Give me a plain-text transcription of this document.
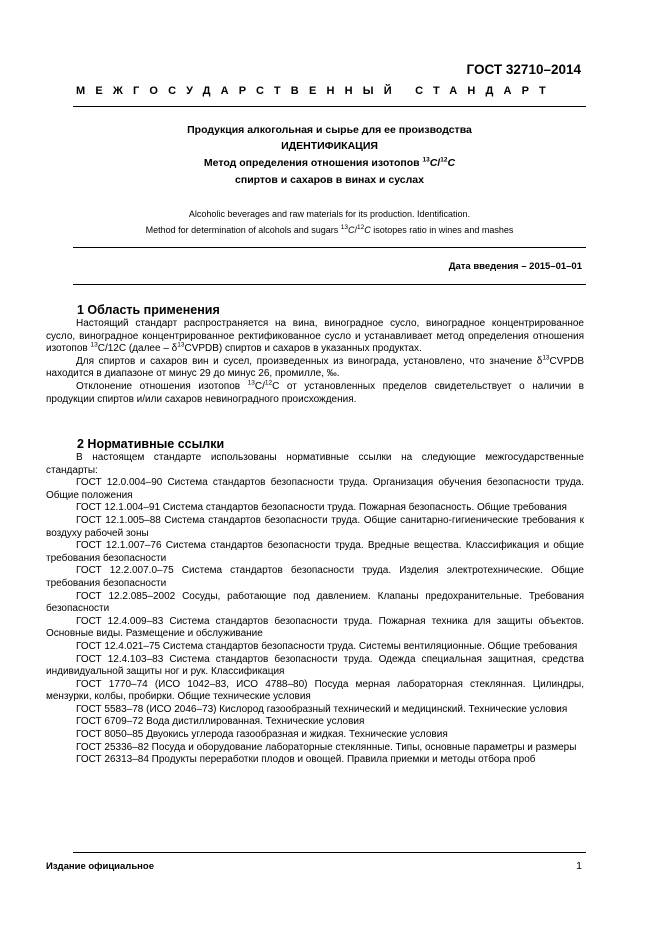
ГОСТ 32710–2014
МЕЖГОСУДАРСТВЕННЫЙ СТАНДАРТ
Продукция алкогольная и сырье для ее производства
ИДЕНТИФИКАЦИЯ
Метод определения отношения изотопов $^{13}$C/$^{12}$C
спиртов и сахаров в винах и суслах
Alcoholic beverages and raw materials for its production. Identification.
Method for determination of alcohols and sugars $^{13}$C/$^{12}$C isotopes ratio in wines and mashes
Дата введения – 2015–01–01
1 Область применения

Настоящий стандарт распространяется на вина, виноградное сусло, виноградное концентрированное сусло, виноградное концентрированное ректификованное сусло и устанавливает метод определения отношения изотопов $^{13}$C/12C (далее – $\delta^{13}CVPDB$) спиртов и сахаров в указанных продуктах.

Для спиртов и сахаров вин и сусел, произведенных из винограда, установлено, что значение $\delta^{13}CVPDB$ находится в диапазоне от минус 29 до минус 26, промилле, ‰.

Отклонение отношения изотопов $^{13}$C/$^{12}$C от установленных пределов свидетельствует о наличии в продукции спиртов и/или сахаров невиноградного происхождения.

2 Нормативные ссылки

В настоящем стандарте использованы нормативные ссылки на следующие межгосударственные стандарты:

ГОСТ 12.0.004–90 Система стандартов безопасности труда. Организация обучения безопасности труда. Общие положения

ГОСТ 12.1.004–91 Система стандартов безопасности труда. Пожарная безопасность. Общие требования

ГОСТ 12.1.005–88 Система стандартов безопасности труда. Общие санитарно-гигиенические требования к воздуху рабочей зоны

ГОСТ 12.1.007–76 Система стандартов безопасности труда. Вредные вещества. Классификация и общие требования безопасности

ГОСТ 12.2.007.0–75 Система стандартов безопасности труда. Изделия электротехнические. Общие требования безопасности

ГОСТ 12.2.085–2002 Сосуды, работающие под давлением. Клапаны предохранительные. Требования безопасности

ГОСТ 12.4.009–83 Система стандартов безопасности труда. Пожарная техника для защиты объектов. Основные виды. Размещение и обслуживание

ГОСТ 12.4.021–75 Система стандартов безопасности труда. Системы вентиляционные. Общие требования

ГОСТ 12.4.103–83 Система стандартов безопасности труда. Одежда специальная защитная, средства индивидуальной защиты ног и рук. Классификация

ГОСТ 1770–74 (ИСО 1042–83, ИСО 4788–80) Посуда мерная лабораторная стеклянная. Цилиндры, мензурки, колбы, пробирки. Общие технические условия

ГОСТ 5583–78 (ИСО 2046–73) Кислород газообразный технический и медицинский. Технические условия

ГОСТ 6709–72 Вода дистиллированная. Технические условия

ГОСТ 8050–85 Двуокись углерода газообразная и жидкая. Технические условия

ГОСТ 25336–82 Посуда и оборудование лабораторные стеклянные. Типы, основные параметры и размеры

ГОСТ 26313–84 Продукты переработки плодов и овощей. Правила приемки и методы отбора проб

Издание официальное	1
